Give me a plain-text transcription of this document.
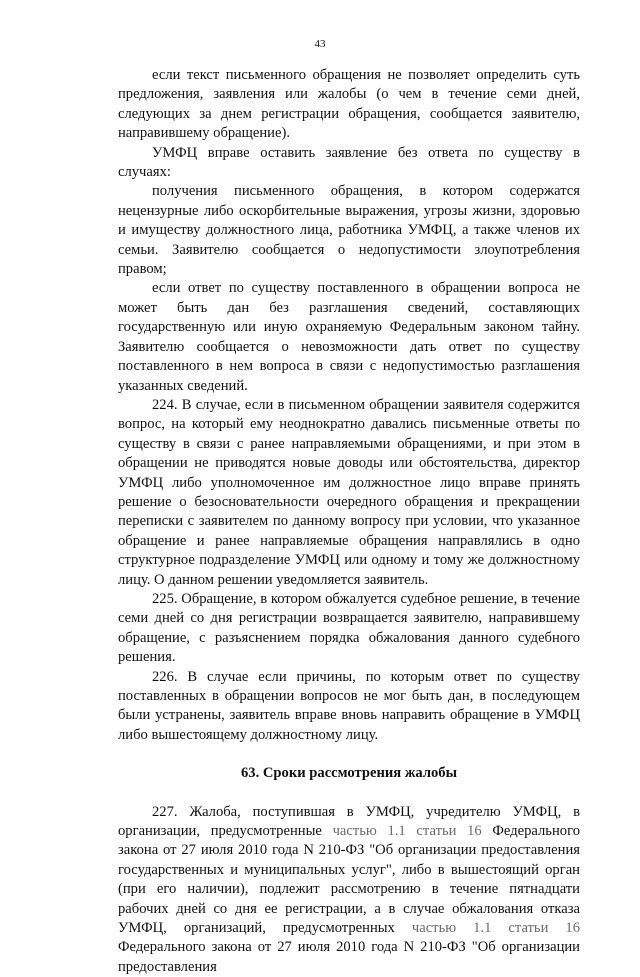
43

если текст письменного обращения не позволяет определить суть предложения, заявления или жалобы (о чем в течение семи дней, следующих за днем регистрации обращения, сообщается заявителю, направившему обращение).

УМФЦ вправе оставить заявление без ответа по существу в случаях:

получения письменного обращения, в котором содержатся нецензурные либо оскорбительные выражения, угрозы жизни, здоровью и имуществу должностного лица, работника УМФЦ, а также членов их семьи. Заявителю сообщается о недопустимости злоупотребления правом;

если ответ по существу поставленного в обращении вопроса не может быть дан без разглашения сведений, составляющих государственную или иную охраняемую Федеральным законом тайну. Заявителю сообщается о невозможности дать ответ по существу поставленного в нем вопроса в связи с недопустимостью разглашения указанных сведений.

224. В случае, если в письменном обращении заявителя содержится вопрос, на который ему неоднократно давались письменные ответы по существу в связи с ранее направляемыми обращениями, и при этом в обращении не приводятся новые доводы или обстоятельства, директор УМФЦ либо уполномоченное им должностное лицо вправе принять решение о безосновательности очередного обращения и прекращении переписки с заявителем по данному вопросу при условии, что указанное обращение и ранее направляемые обращения направлялись в одно структурное подразделение УМФЦ или одному и тому же должностному лицу. О данном решении уведомляется заявитель.

225. Обращение, в котором обжалуется судебное решение, в течение семи дней со дня регистрации возвращается заявителю, направившему обращение, с разъяснением порядка обжалования данного судебного решения.

226. В случае если причины, по которым ответ по существу поставленных в обращении вопросов не мог быть дан, в последующем были устранены, заявитель вправе вновь направить обращение в УМФЦ либо вышестоящему должностному лицу.

63. Сроки рассмотрения жалобы

227. Жалоба, поступившая в УМФЦ, учредителю УМФЦ, в организации, предусмотренные частью 1.1 статьи 16 Федерального закона от 27 июля 2010 года N 210-ФЗ "Об организации предоставления государственных и муниципальных услуг", либо в вышестоящий орган (при его наличии), подлежит рассмотрению в течение пятнадцати рабочих дней со дня ее регистрации, а в случае обжалования отказа УМФЦ, организаций, предусмотренных частью 1.1 статьи 16 Федерального закона от 27 июля 2010 года N 210-ФЗ "Об организации предоставления
